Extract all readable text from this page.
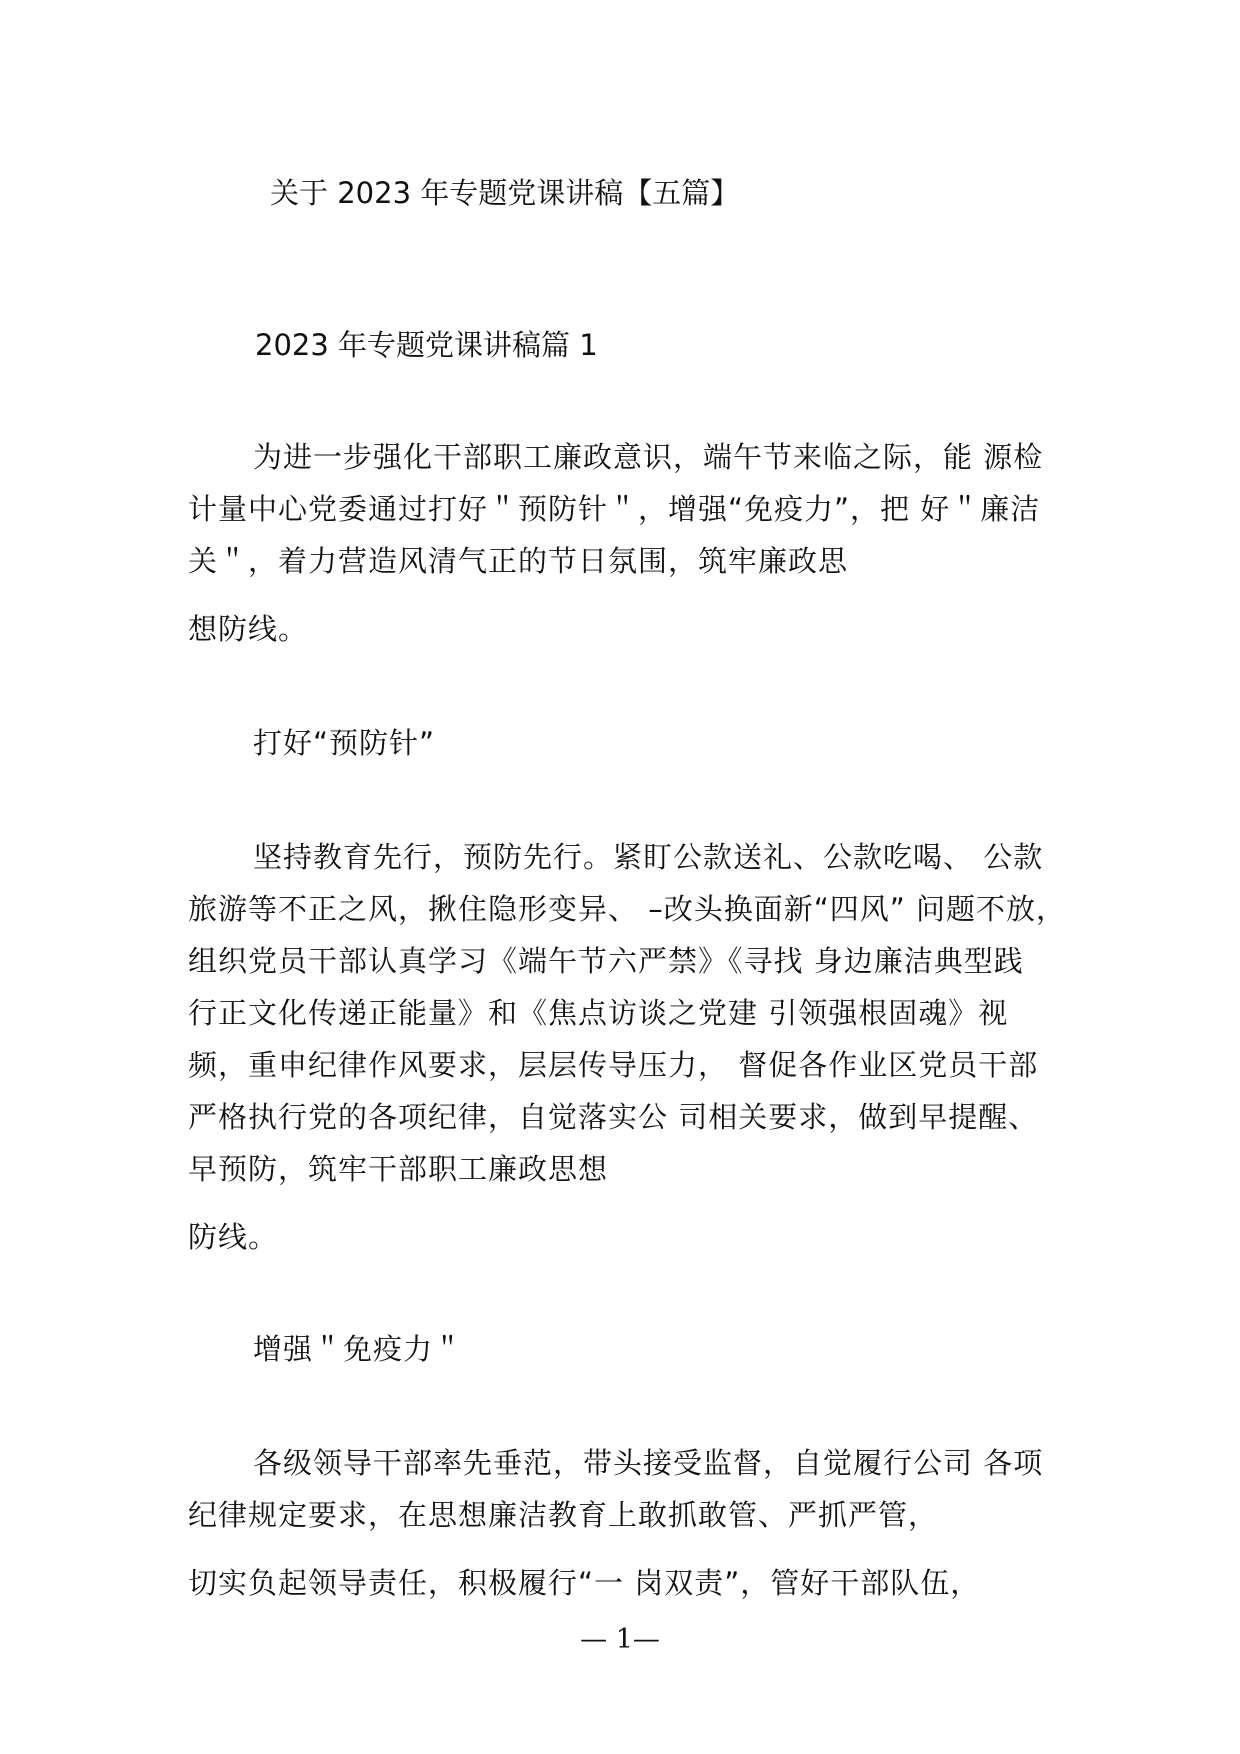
关于 2023 年专题党课讲稿【五篇】
2023 年专题党课讲稿篇 1
为进一步强化干部职工廉政意识，端午节来临之际，能 源检
计量中心党委通过打好＂预防针＂，增强“免疫力”，把 好＂廉洁
关＂，着力营造风清气正的节日氛围，筑牢廉政思
想防线。
打好“预防针”
坚持教育先行，预防先行。紧盯公款送礼、公款吃喝、 公款
旅游等不正之风，揪住隐形变异、 –改头换面新“四风” 问题不放，
组织党员干部认真学习《端午节六严禁》《寻找 身边廉洁典型践
行正文化传递正能量》和《焦点访谈之党建 引领强根固魂》视
频，重申纪律作风要求，层层传导压力， 督促各作业区党员干部
严格执行党的各项纪律，自觉落实公 司相关要求，做到早提醒、
早预防，筑牢干部职工廉政思想
防线。
增强＂免疫力＂
各级领导干部率先垂范，带头接受监督，自觉履行公司 各项
纪律规定要求，在思想廉洁教育上敢抓敢管、严抓严管，
切实负起领导责任，积极履行“一 岗双责”，管好干部队伍，
— 1—
